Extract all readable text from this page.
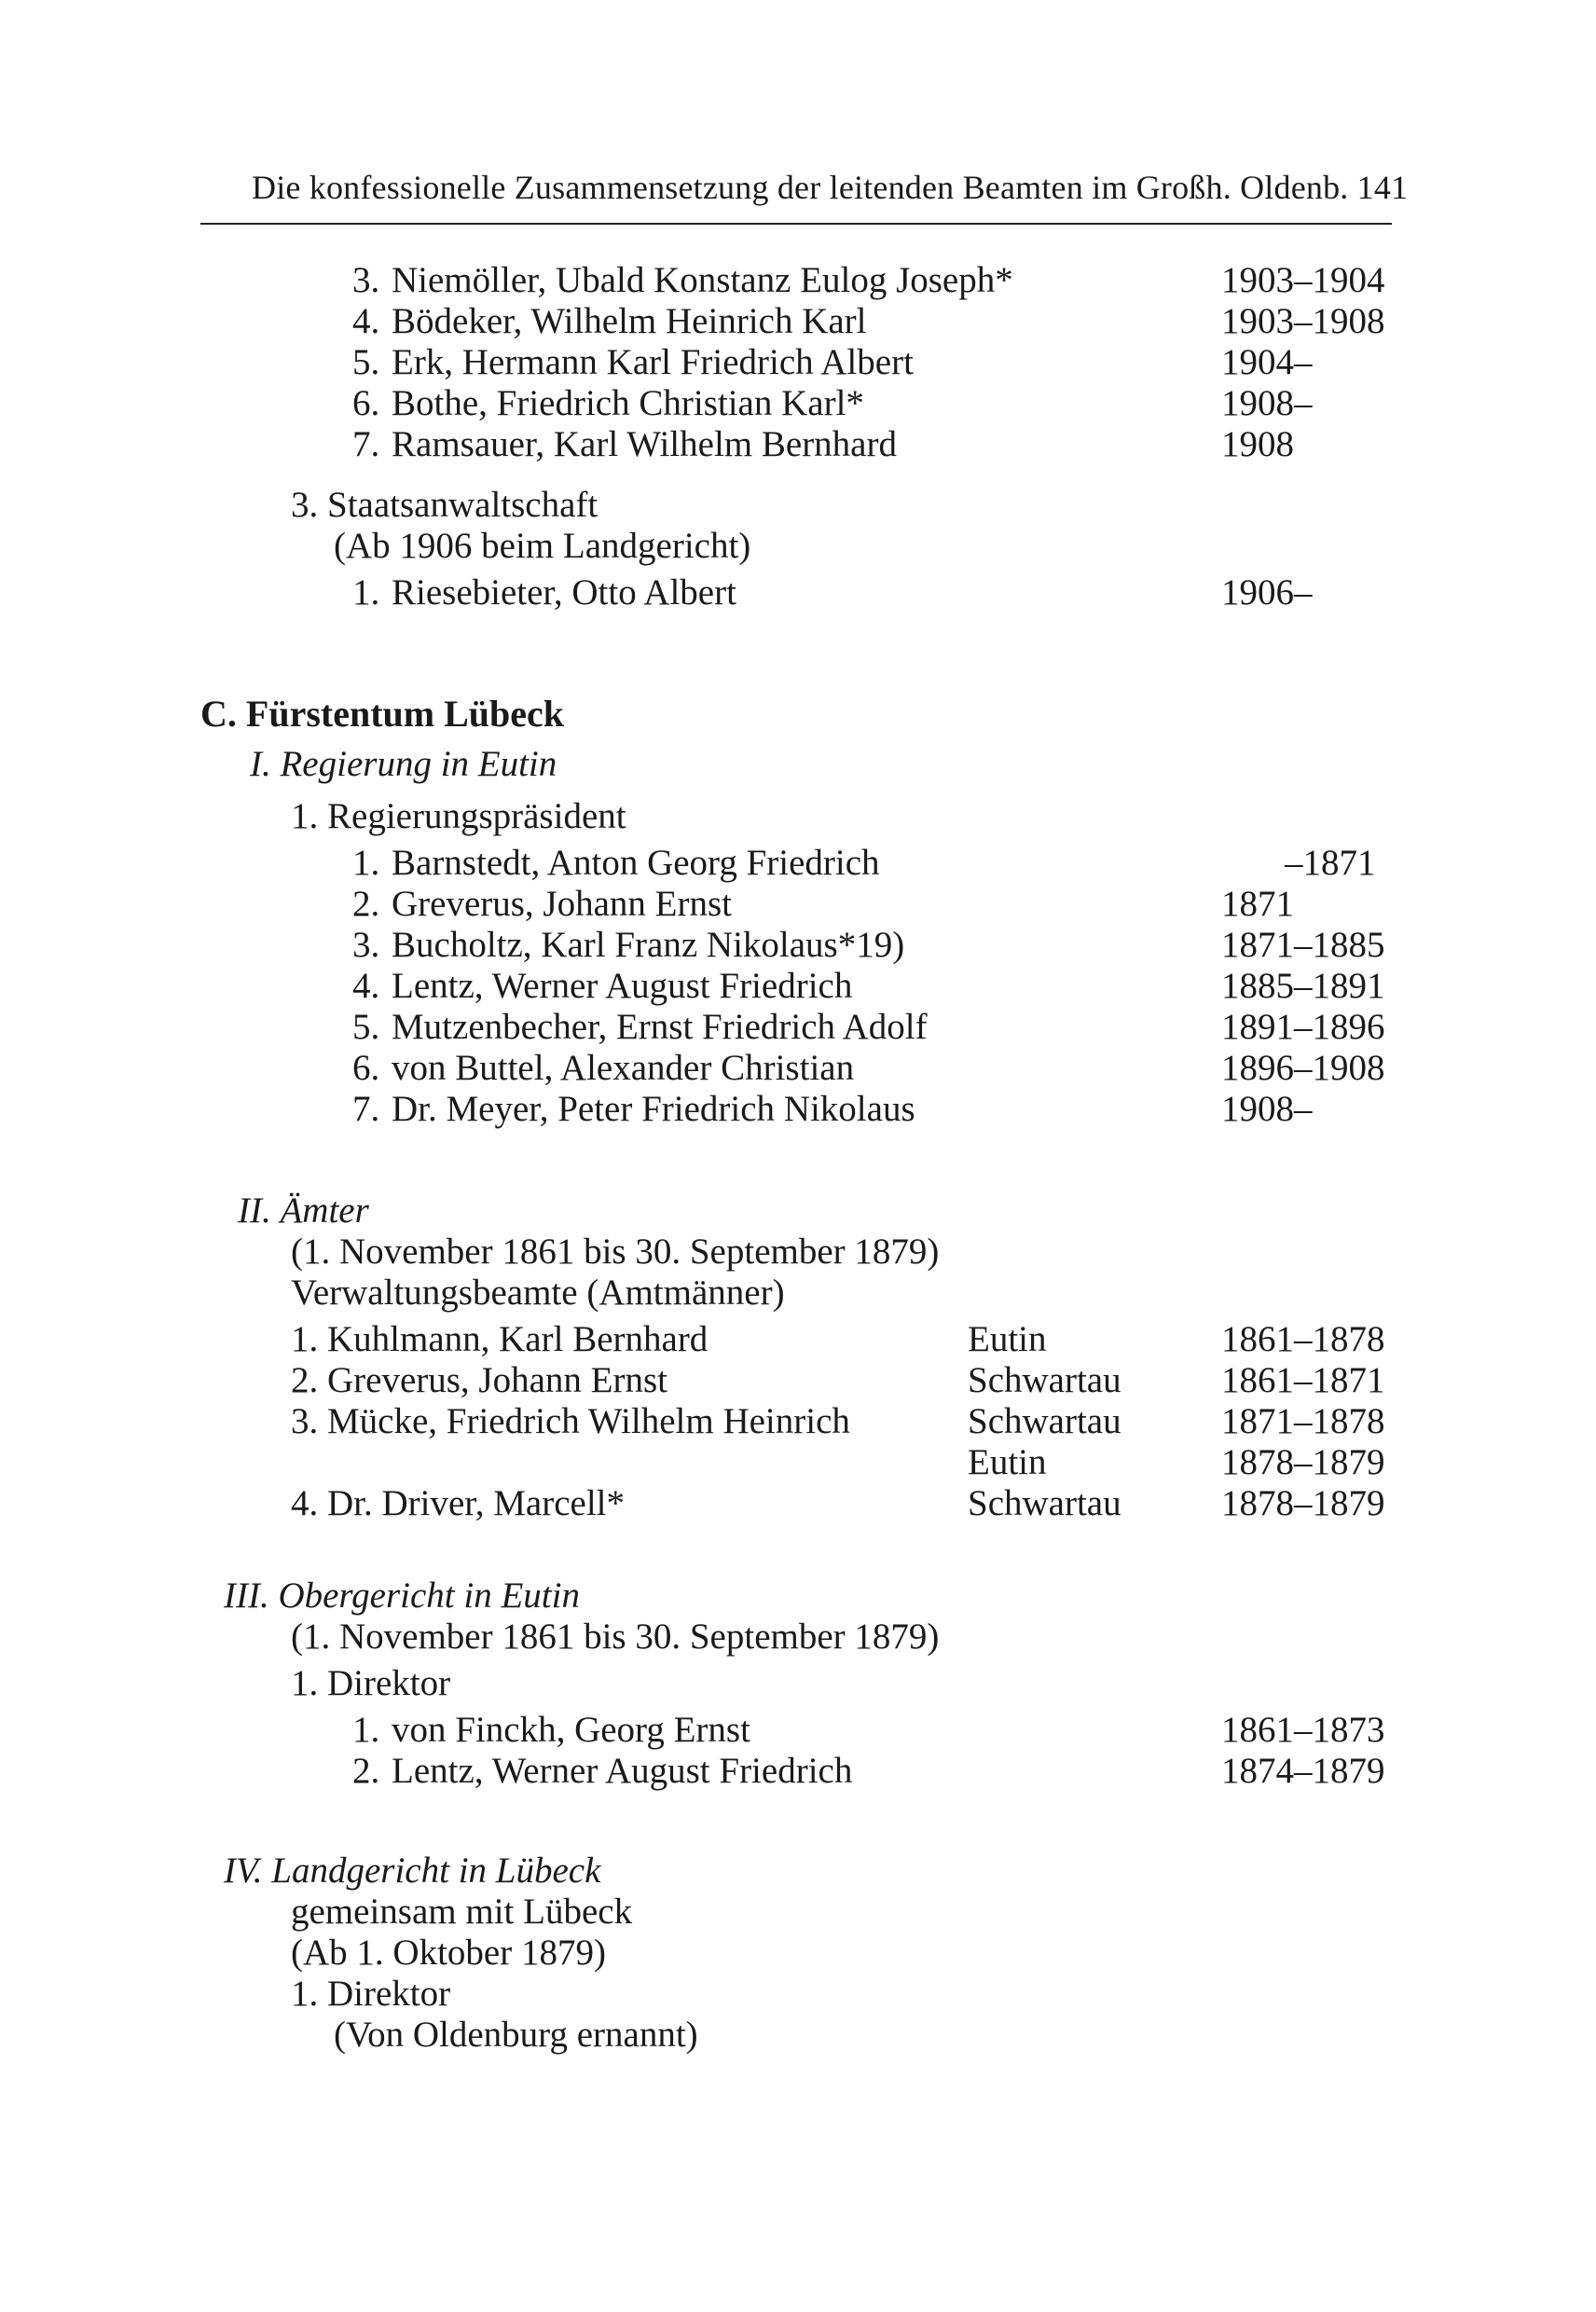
Die konfessionelle Zusammensetzung der leitenden Beamten im Großh. Oldenb. 141
3. Niemöller, Ubald Konstanz Eulog Joseph*	1903–1904
4. Bödeker, Wilhelm Heinrich Karl	1903–1908
5. Erk, Hermann Karl Friedrich Albert	1904–
6. Bothe, Friedrich Christian Karl*	1908–
7. Ramsauer, Karl Wilhelm Bernhard	1908
3. Staatsanwaltschaft
(Ab 1906 beim Landgericht)
1. Riesebieter, Otto Albert	1906–
C. Fürstentum Lübeck
I. Regierung in Eutin
1. Regierungspräsident
1. Barnstedt, Anton Georg Friedrich	–1871
2. Greverus, Johann Ernst	1871
3. Bucholtz, Karl Franz Nikolaus*19)	1871–1885
4. Lentz, Werner August Friedrich	1885–1891
5. Mutzenbecher, Ernst Friedrich Adolf	1891–1896
6. von Buttel, Alexander Christian	1896–1908
7. Dr. Meyer, Peter Friedrich Nikolaus	1908–
II. Ämter
(1. November 1861 bis 30. September 1879)
Verwaltungsbeamte (Amtmänner)
1. Kuhlmann, Karl Bernhard	Eutin	1861–1878
2. Greverus, Johann Ernst	Schwartau	1861–1871
3. Mücke, Friedrich Wilhelm Heinrich	Schwartau	1871–1878
Eutin	1878–1879
4. Dr. Driver, Marcell*	Schwartau	1878–1879
III. Obergericht in Eutin
(1. November 1861 bis 30. September 1879)
1. Direktor
1. von Finckh, Georg Ernst	1861–1873
2. Lentz, Werner August Friedrich	1874–1879
IV. Landgericht in Lübeck
gemeinsam mit Lübeck
(Ab 1. Oktober 1879)
1. Direktor
(Von Oldenburg ernannt)
